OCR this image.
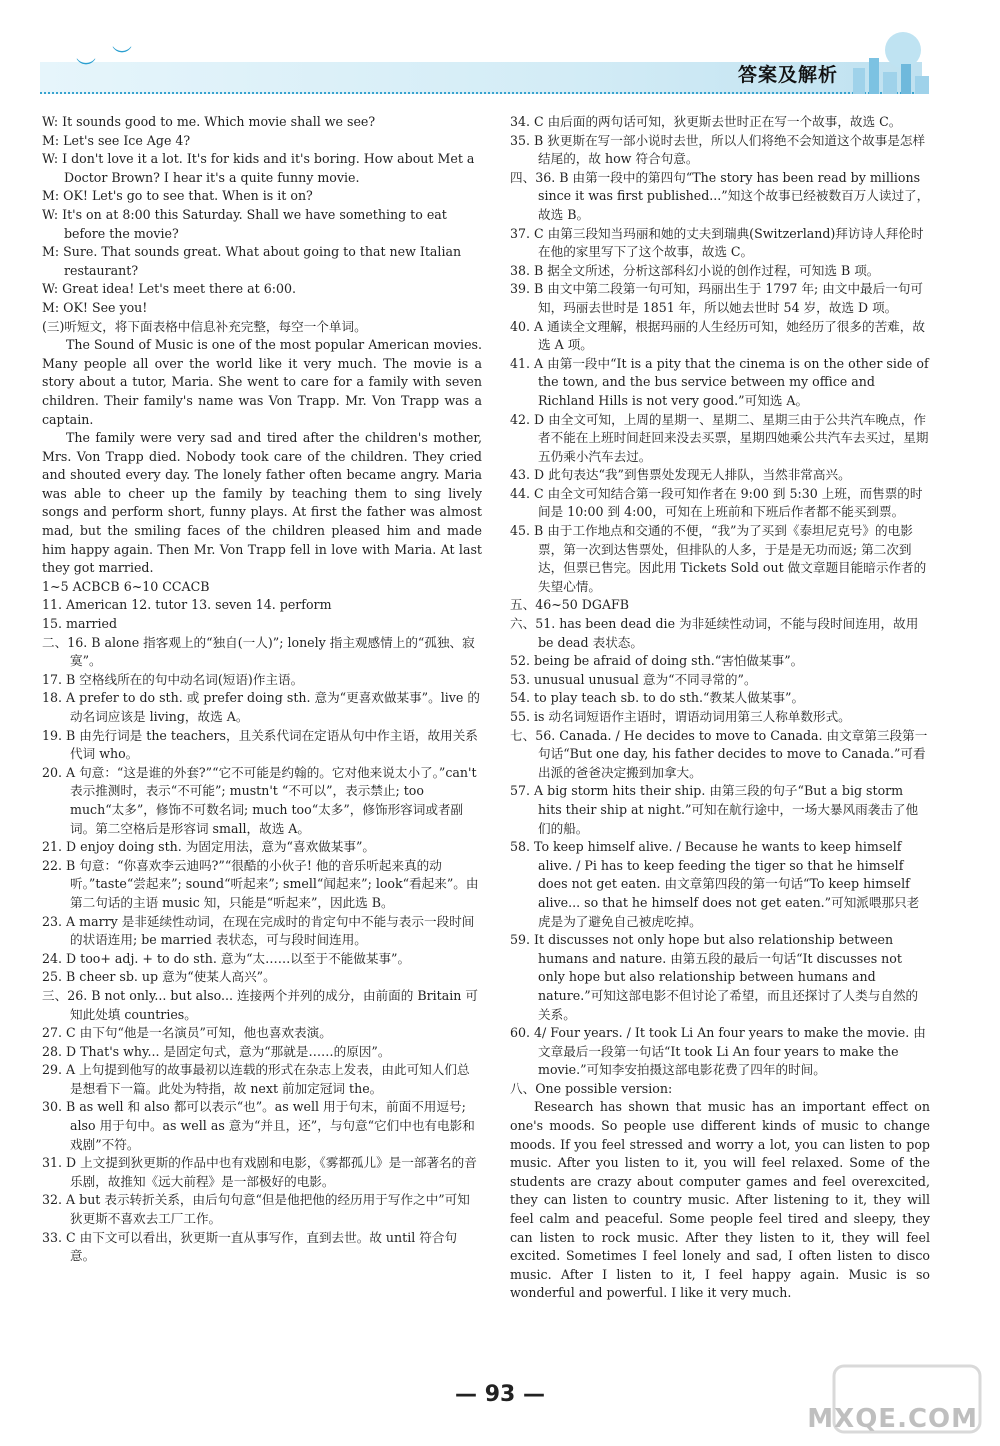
︶ ︶
答案及解析
W: It sounds good to me. Which movie shall we see?
M: Let's see Ice Age 4?
W: I don't love it a lot. It's for kids and it's boring. How about Met a Doctor Brown? I hear it's a quite funny movie.
M: OK! Let's go to see that. When is it on?
W: It's on at 8:00 this Saturday. Shall we have something to eat before the movie?
M: Sure. That sounds great. What about going to that new Italian restaurant?
W: Great idea! Let's meet there at 6:00.
M: OK! See you!
(三)听短文，将下面表格中信息补充完整，每空一个单词。

The Sound of Music is one of the most popular American movies. Many people all over the world like it very much. The movie is a story about a tutor, Maria. She went to care for a family with seven children. Their family's name was Von Trapp. Mr. Von Trapp was a captain.

The family were very sad and tired after the children's mother, Mrs. Von Trapp died. Nobody took care of the children. They cried and shouted every day. The lonely father often became angry. Maria was able to cheer up the family by teaching them to sing lively songs and perform short, funny plays. At first the father was almost mad, but the smiling faces of the children pleased him and made him happy again. Then Mr. Von Trapp fell in love with Maria. At last they got married.

1~5 ACBCB 6~10 CCACB
11. American 12. tutor 13. seven 14. perform
15. married
二、16. B alone 指客观上的“独自(一人)”; lonely 指主观感情上的“孤独、寂寞”。
17. B 空格线所在的句中动名词(短语)作主语。
18. A prefer to do sth. 或 prefer doing sth. 意为“更喜欢做某事”。live 的动名词应该是 living，故选 A。
19. B 由先行词是 the teachers，且关系代词在定语从句中作主语，故用关系代词 who。
20. A 句意：“这是谁的外套?”“它不可能是约翰的。它对他来说太小了。”can't 表示推测时，表示“不可能”; mustn't “不可以”，表示禁止; too much“太多”，修饰不可数名词; much too“太多”，修饰形容词或者副词。第二空格后是形容词 small，故选 A。
21. D enjoy doing sth. 为固定用法，意为“喜欢做某事”。
22. B 句意：“你喜欢李云迪吗?”“很酷的小伙子! 他的音乐听起来真的动听。”taste“尝起来”; sound“听起来”; smell“闻起来”; look“看起来”。由第二句话的主语 music 知，只能是“听起来”，因此选 B。
23. A marry 是非延续性动词，在现在完成时的肯定句中不能与表示一段时间的状语连用; be married 表状态，可与段时间连用。
24. D too+ adj. + to do sth. 意为“太……以至于不能做某事”。
25. B cheer sb. up 意为“使某人高兴”。
三、26. B not only... but also... 连接两个并列的成分，由前面的 Britain 可知此处填 countries。
27. C 由下句“他是一名演员”可知，他也喜欢表演。
28. D That's why... 是固定句式，意为“那就是……的原因”。
29. A 上句提到他写的故事最初以连载的形式在杂志上发表，由此可知人们总是想看下一篇。此处为特指，故 next 前加定冠词 the。
30. B as well 和 also 都可以表示“也”。as well 用于句末，前面不用逗号; also 用于句中。as well as 意为“并且，还”，与句意“它们中也有电影和戏剧”不符。
31. D 上文提到狄更斯的作品中也有戏剧和电影，《雾都孤儿》是一部著名的音乐剧，故推知《远大前程》是一部极好的电影。
32. A but 表示转折关系，由后句句意“但是他把他的经历用于写作之中”可知狄更斯不喜欢去工厂工作。
33. C 由下文可以看出，狄更斯一直从事写作，直到去世。故 until 符合句意。
34. C 由后面的两句话可知，狄更斯去世时正在写一个故事，故选 C。
35. B 狄更斯在写一部小说时去世，所以人们将绝不会知道这个故事是怎样结尾的，故 how 符合句意。
四、36. B 由第一段中的第四句“The story has been read by millions since it was first published...”知这个故事已经被数百万人读过了，故选 B。
37. C 由第三段知当玛丽和她的丈夫到瑞典(Switzerland)拜访诗人拜伦时在他的家里写下了这个故事，故选 C。
38. B 据全文所述，分析这部科幻小说的创作过程，可知选 B 项。
39. B 由文中第二段第一句可知，玛丽出生于 1797 年; 由文中最后一句可知，玛丽去世时是 1851 年，所以她去世时 54 岁，故选 D 项。
40. A 通读全文理解，根据玛丽的人生经历可知，她经历了很多的苦难，故选 A 项。
41. A 由第一段中“It is a pity that the cinema is on the other side of the town, and the bus service between my office and Richland Hills is not very good.”可知选 A。
42. D 由全文可知，上周的星期一、星期二、星期三由于公共汽车晚点，作者不能在上班时间赶回来没去买票，星期四她乘公共汽车去买过，星期五仍乘小汽车去过。
43. D 此句表达“我”到售票处发现无人排队，当然非常高兴。
44. C 由全文可知结合第一段可知作者在 9:00 到 5:30 上班，而售票的时间是 10:00 到 4:00，可知在上班前和下班后作者都不能买到票。
45. B 由于工作地点和交通的不便，“我”为了买到《泰坦尼克号》的电影票，第一次到达售票处，但排队的人多，于是是无功而返; 第二次到达，但票已售完。因此用 Tickets Sold out 做文章题目能暗示作者的失望心情。
五、46~50 DGAFB
六、51. has been dead die 为非延续性动词，不能与段时间连用，故用 be dead 表状态。
52. being be afraid of doing sth.“害怕做某事”。
53. unusual unusual 意为“不同寻常的”。
54. to play teach sb. to do sth.“教某人做某事”。
55. is 动名词短语作主语时，谓语动词用第三人称单数形式。
七、56. Canada. / He decides to move to Canada. 由文章第三段第一句话“But one day, his father decides to move to Canada.”可看出派的爸爸决定搬到加拿大。
57. A big storm hits their ship. 由第三段的句子“But a big storm hits their ship at night.”可知在航行途中，一场大暴风雨袭击了他们的船。
58. To keep himself alive. / Because he wants to keep himself alive. / Pi has to keep feeding the tiger so that he himself does not get eaten. 由文章第四段的第一句话“To keep himself alive... so that he himself does not get eaten.”可知派喂那只老虎是为了避免自己被虎吃掉。
59. It discusses not only hope but also relationship between humans and nature. 由第五段的最后一句话“It discusses not only hope but also relationship between humans and nature.”可知这部电影不但讨论了希望，而且还探讨了人类与自然的关系。
60. 4/ Four years. / It took Li An four years to make the movie. 由文章最后一段第一句话“It took Li An four years to make the movie.”可知李安拍摄这部电影花费了四年的时间。
八、One possible version:

Research has shown that music has an important effect on one's moods. So people use different kinds of music to change moods. If you feel stressed and worry a lot, you can listen to pop music. After you listen to it, you will feel relaxed. Some of the students are crazy about computer games and feel overexcited, they can listen to country music. After listening to it, they will feel calm and peaceful. Some people feel tired and sleepy, they can listen to rock music. After they listen to it, they will feel excited. Sometimes I feel lonely and sad, I often listen to disco music. After I listen to it, I feel happy again. Music is so wonderful and powerful. I like it very much.

— 93 —
MXQE.COM
